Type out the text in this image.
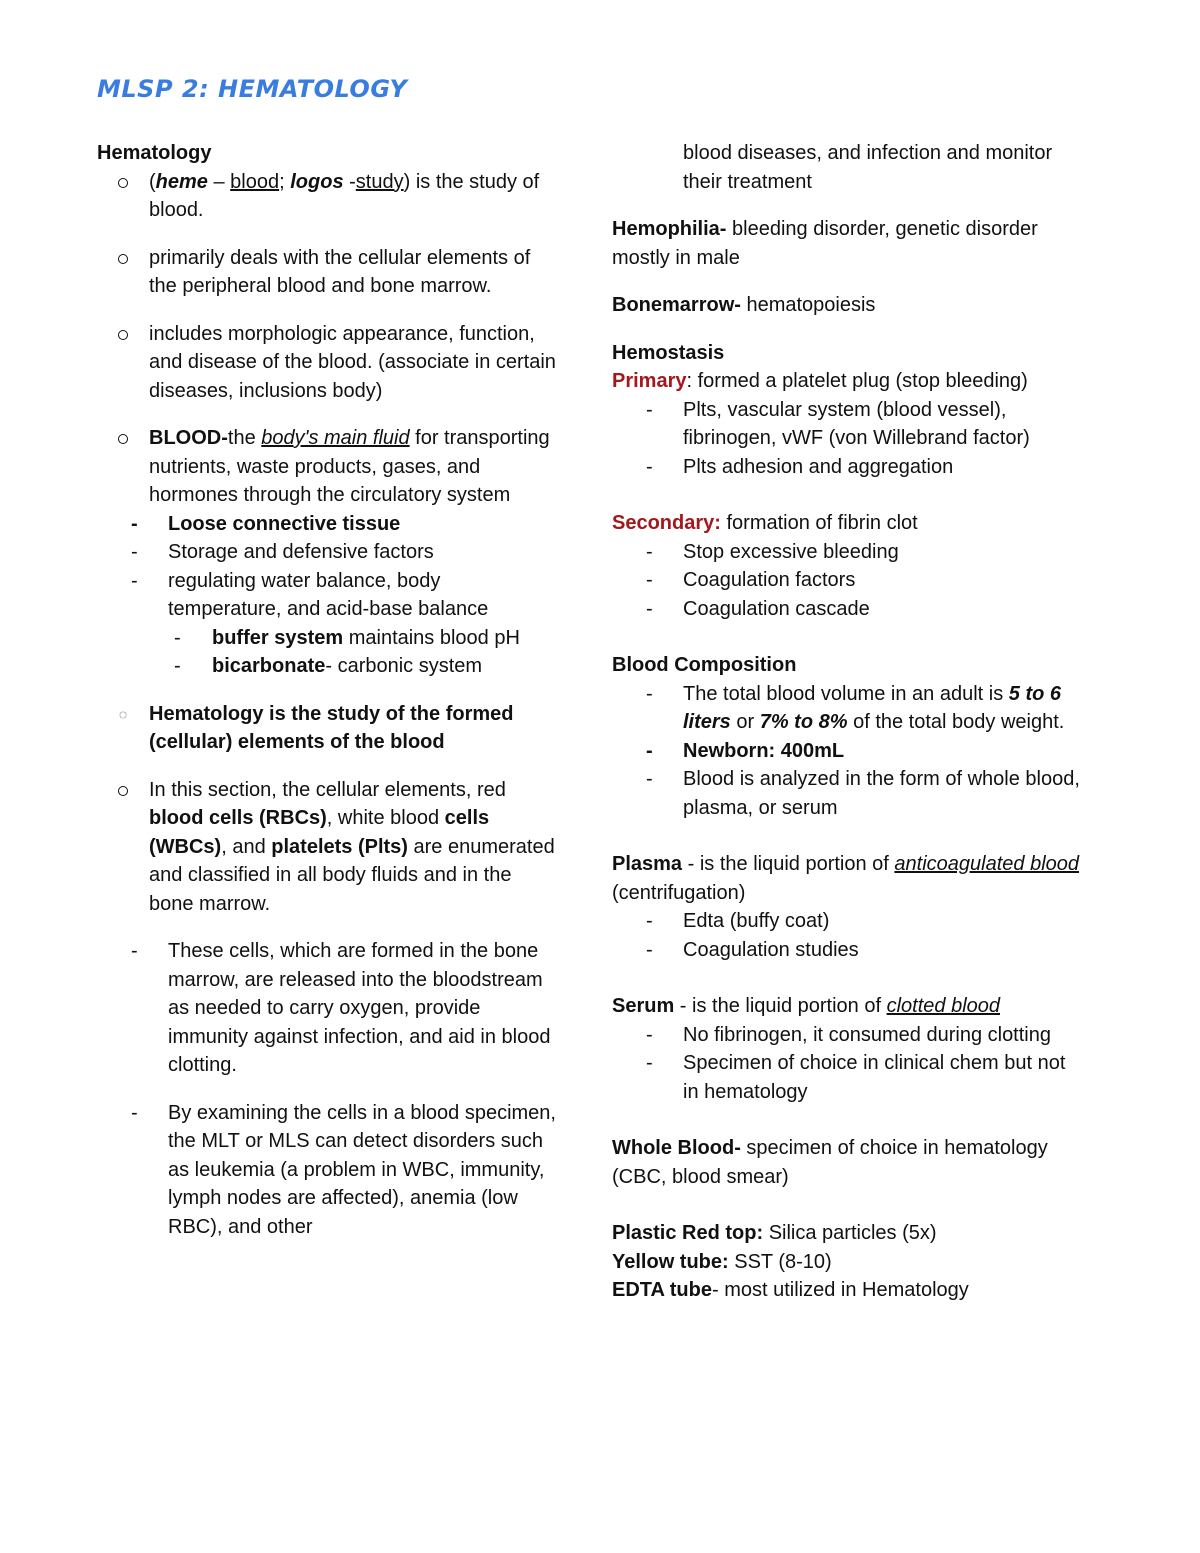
MLSP 2: HEMATOLOGY

Hematology

(heme – blood; logos -study) is the study of blood.
primarily deals with the cellular elements of the peripheral blood and bone marrow.
includes morphologic appearance, function, and disease of the blood. (associate in certain diseases, inclusions body)
BLOOD-the body's main fluid for transporting nutrients, waste products, gases, and hormones through the circulatory system
- Loose connective tissue
- Storage and defensive factors
- regulating water balance, body temperature, and acid-base balance
- buffer system maintains blood pH
- bicarbonate- carbonic system
◌ Hematology is the study of the formed (cellular) elements of the blood
In this section, the cellular elements, red blood cells (RBCs), white blood cells (WBCs), and platelets (Plts) are enumerated and classified in all body fluids and in the bone marrow.
- These cells, which are formed in the bone marrow, are released into the bloodstream as needed to carry oxygen, provide immunity against infection, and aid in blood clotting.
- By examining the cells in a blood specimen, the MLT or MLS can detect disorders such as leukemia (a problem in WBC, immunity, lymph nodes are affected), anemia (low RBC), and other

blood diseases, and infection and monitor their treatment

Hemophilia- bleeding disorder, genetic disorder mostly in male

Bonemarrow- hematopoiesis

Hemostasis

Primary: formed a platelet plug (stop bleeding)

- Plts, vascular system (blood vessel), fibrinogen, vWF (von Willebrand factor)
- Plts adhesion and aggregation

Secondary: formation of fibrin clot

- Stop excessive bleeding
- Coagulation factors
- Coagulation cascade

Blood Composition

- The total blood volume in an adult is 5 to 6 liters or 7% to 8% of the total body weight.
- Newborn: 400mL
- Blood is analyzed in the form of whole blood, plasma, or serum

Plasma - is the liquid portion of anticoagulated blood (centrifugation)

- Edta (buffy coat)
- Coagulation studies

Serum - is the liquid portion of clotted blood

- No fibrinogen, it consumed during clotting
- Specimen of choice in clinical chem but not in hematology

Whole Blood- specimen of choice in hematology (CBC, blood smear)

Plastic Red top: Silica particles (5x)

Yellow tube: SST (8-10)

EDTA tube- most utilized in Hematology
